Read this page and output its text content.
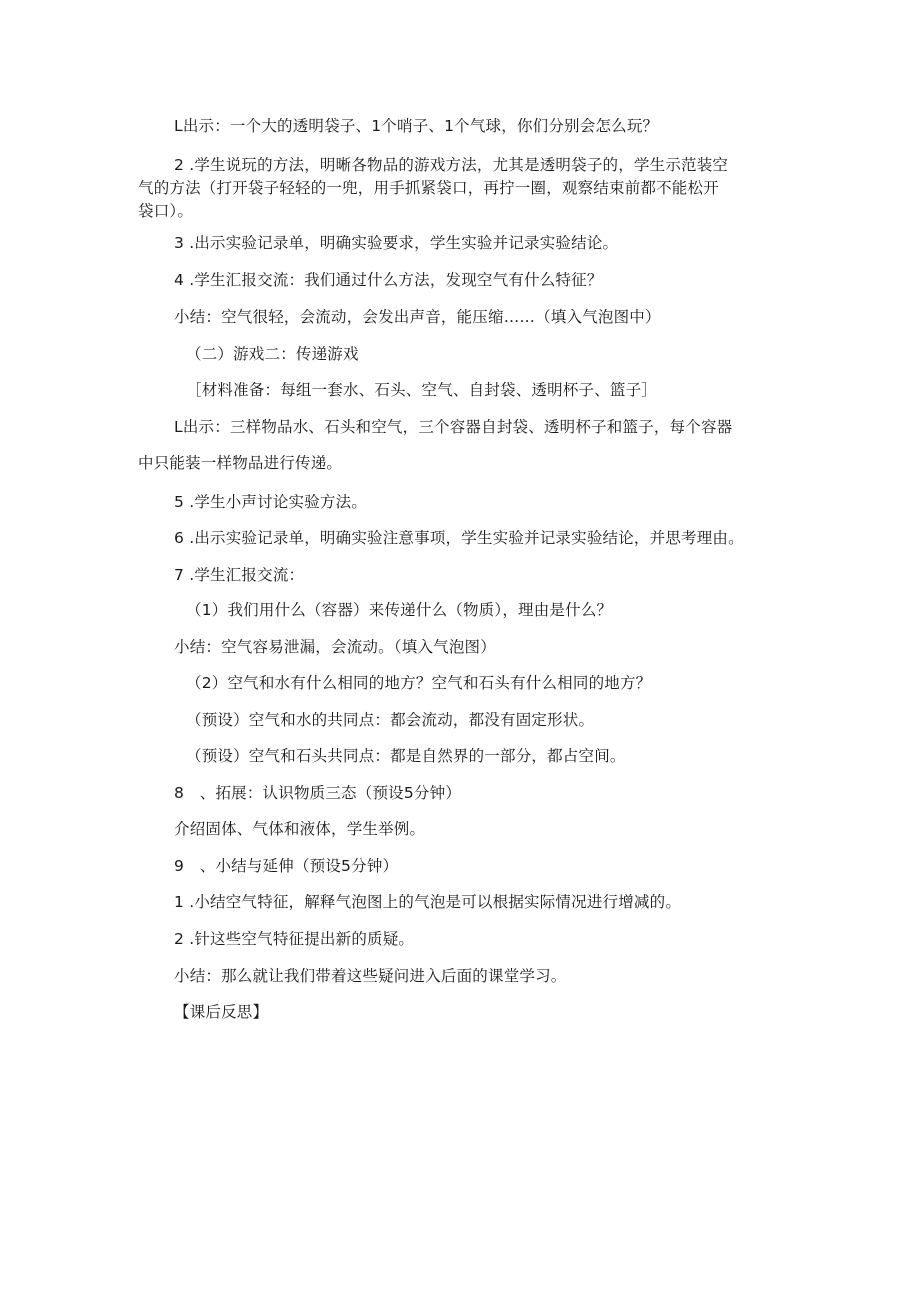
L出示：一个大的透明袋子、1个哨子、1个气球，你们分别会怎么玩？
2 .学生说玩的方法，明晰各物品的游戏方法，尤其是透明袋子的，学生示范装空
气的方法（打开袋子轻轻的一兜，用手抓紧袋口，再拧一圈，观察结束前都不能松开
袋口）。
3 .出示实验记录单，明确实验要求，学生实验并记录实验结论。
4 .学生汇报交流：我们通过什么方法，发现空气有什么特征？
小结：空气很轻，会流动，会发出声音，能压缩……（填入气泡图中）
（二）游戏二：传递游戏
［材料准备：每组一套水、石头、空气、自封袋、透明杯子、篮子］
L出示：三样物品水、石头和空气，三个容器自封袋、透明杯子和篮子，每个容器
中只能装一样物品进行传递。
5 .学生小声讨论实验方法。
6 .出示实验记录单，明确实验注意事项，学生实验并记录实验结论，并思考理由。
7 .学生汇报交流：
（1）我们用什么（容器）来传递什么（物质），理由是什么？
小结：空气容易泄漏，会流动。（填入气泡图）
（2）空气和水有什么相同的地方？空气和石头有什么相同的地方？
（预设）空气和水的共同点：都会流动，都没有固定形状。
（预设）空气和石头共同点：都是自然界的一部分，都占空间。
8　、拓展：认识物质三态（预设5分钟）
介绍固体、气体和液体，学生举例。
9　、小结与延伸（预设5分钟）
1 .小结空气特征，解释气泡图上的气泡是可以根据实际情况进行增减的。
2 .针这些空气特征提出新的质疑。
小结：那么就让我们带着这些疑问进入后面的课堂学习。
【课后反思】
